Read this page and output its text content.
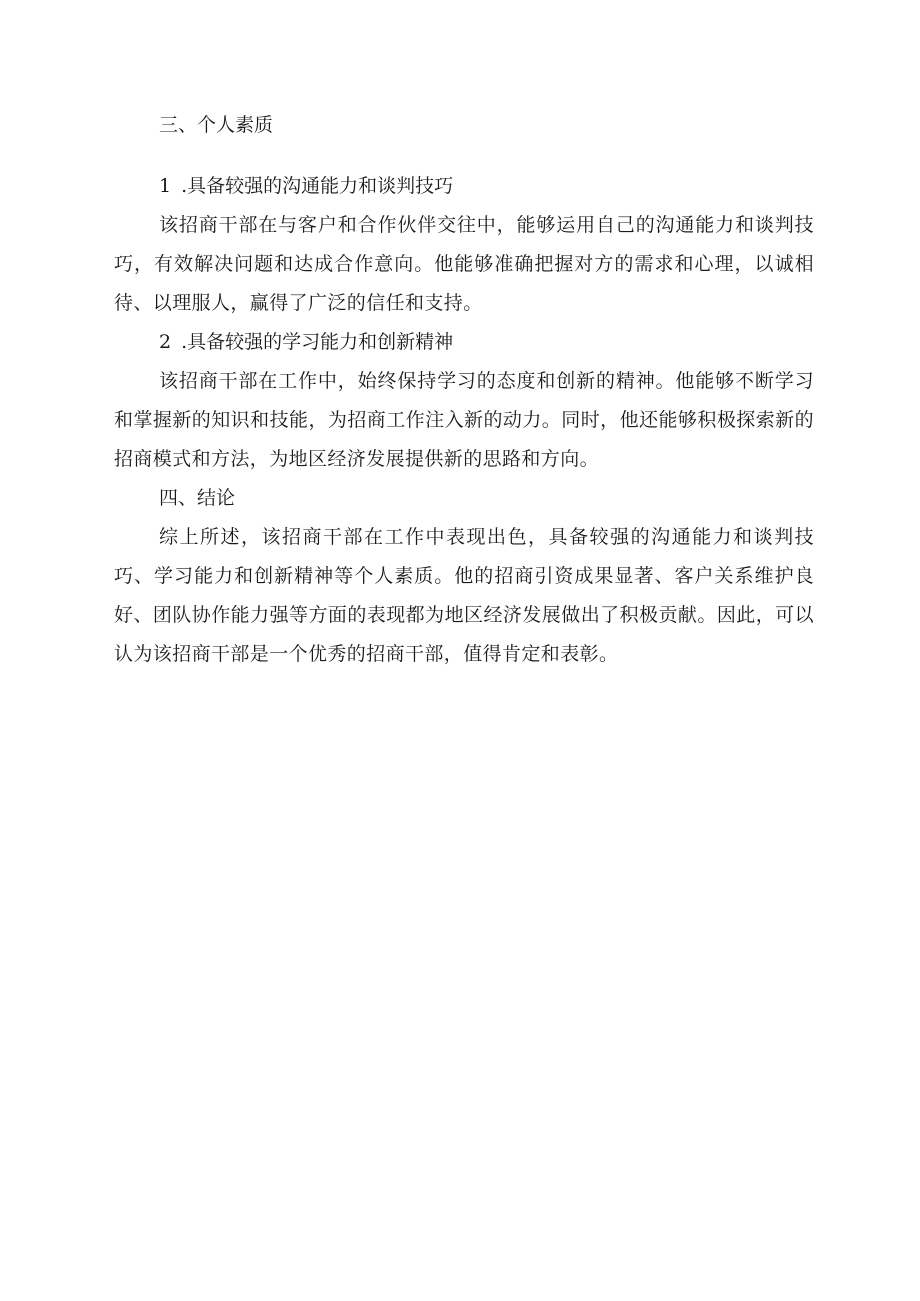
三、个人素质

1 .具备较强的沟通能力和谈判技巧

该招商干部在与客户和合作伙伴交往中，能够运用自己的沟通能力和谈判技巧，有效解决问题和达成合作意向。他能够准确把握对方的需求和心理，以诚相待、以理服人，赢得了广泛的信任和支持。

2 .具备较强的学习能力和创新精神

该招商干部在工作中，始终保持学习的态度和创新的精神。他能够不断学习和掌握新的知识和技能，为招商工作注入新的动力。同时，他还能够积极探索新的招商模式和方法，为地区经济发展提供新的思路和方向。

四、结论

综上所述，该招商干部在工作中表现出色，具备较强的沟通能力和谈判技巧、学习能力和创新精神等个人素质。他的招商引资成果显著、客户关系维护良好、团队协作能力强等方面的表现都为地区经济发展做出了积极贡献。因此，可以认为该招商干部是一个优秀的招商干部，值得肯定和表彰。
